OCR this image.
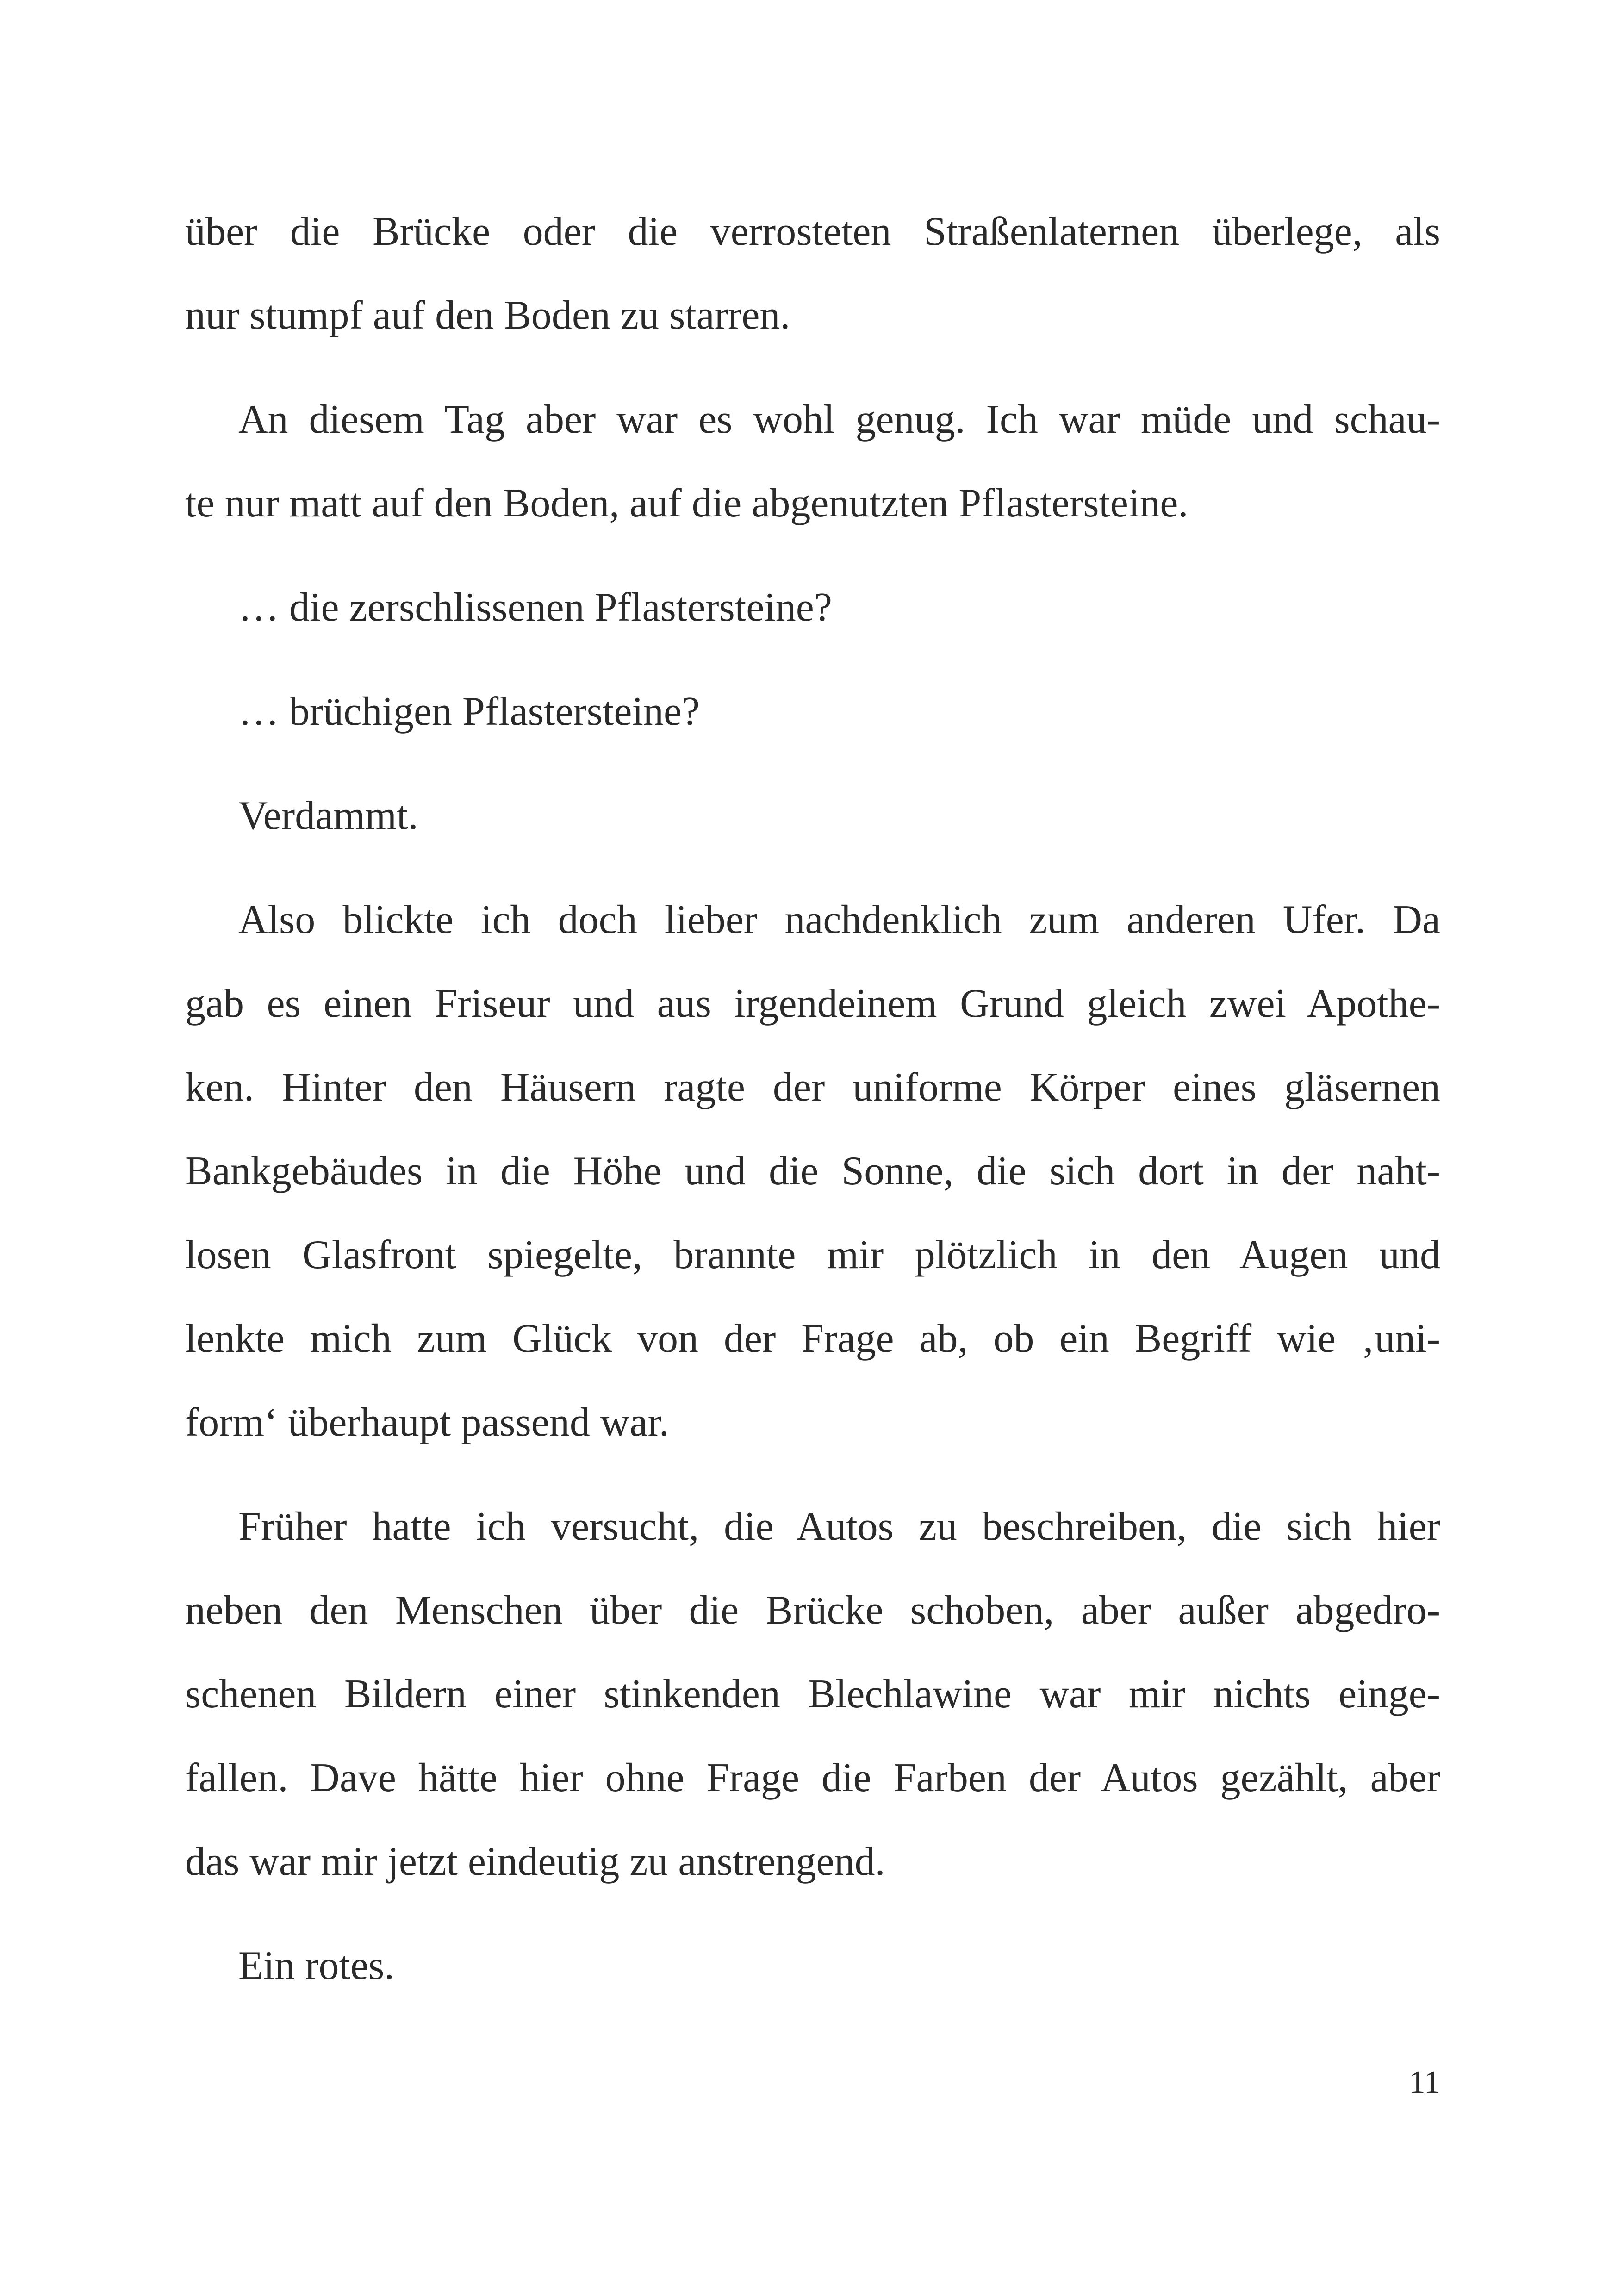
über die Brücke oder die verrosteten Straßenlaternen überlege, als
nur stumpf auf den Boden zu starren.
An diesem Tag aber war es wohl genug. Ich war müde und schau-
te nur matt auf den Boden, auf die abgenutzten Pflastersteine.
… die zerschlissenen Pflastersteine?
… brüchigen Pflastersteine?
Verdammt.
Also blickte ich doch lieber nachdenklich zum anderen Ufer. Da
gab es einen Friseur und aus irgendeinem Grund gleich zwei Apothe-
ken. Hinter den Häusern ragte der uniforme Körper eines gläsernen
Bankgebäudes in die Höhe und die Sonne, die sich dort in der naht-
losen Glasfront spiegelte, brannte mir plötzlich in den Augen und
lenkte mich zum Glück von der Frage ab, ob ein Begriff wie ‚uni-
form‘ überhaupt passend war.
Früher hatte ich versucht, die Autos zu beschreiben, die sich hier
neben den Menschen über die Brücke schoben, aber außer abgedro-
schenen Bildern einer stinkenden Blechlawine war mir nichts einge-
fallen. Dave hätte hier ohne Frage die Farben der Autos gezählt, aber
das war mir jetzt eindeutig zu anstrengend.
Ein rotes.
11
